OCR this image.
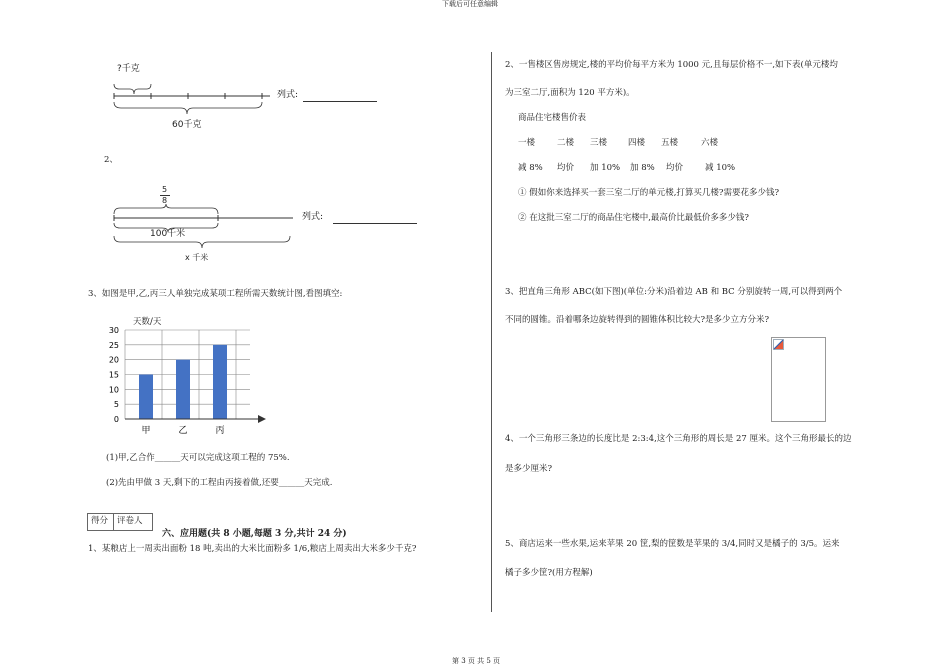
下载后可任意编辑
第 3 页 共 5 页
?千克
60千克
列式:
2、
5
8
100千米
x 千米
列式:
3、如图是甲,乙,丙三人单独完成某项工程所需天数统计图,看图填空:
天数/天
0
5
10
15
20
25
30
甲	乙	丙
(1)甲,乙合作______天可以完成这项工程的 75%.
(2)先由甲做 3 天,剩下的工程由丙接着做,还要______天完成.
得分 评卷人
六、应用题(共 8 小题,每题 3 分,共计 24 分)
1、某粮店上一周卖出面粉 18 吨,卖出的大米比面粉多 1/6,粮店上周卖出大米多少千克?
2、一售楼区售房规定,楼的平均价每平方米为 1000 元,且每层价格不一,如下表(单元楼均
为三室二厅,面积为 120 平方米)。
商品住宅楼售价表
一楼	二楼 三楼 四楼 五楼	六楼
减 8% 均价 加 10% 加 8% 均价	减 10%
① 假如你来选择买一套三室二厅的单元楼,打算买几楼?需要花多少钱?
② 在这批三室二厅的商品住宅楼中,最高价比最低价多多少钱?
3、把直角三角形 ABC(如下图)(单位:分米)沿着边 AB 和 BC 分别旋转一周,可以得到两个
不同的圆锥。沿着哪条边旋转得到的圆锥体积比较大?是多少立方分米?
4、一个三角形三条边的长度比是 2:3:4,这个三角形的周长是 27 厘米。这个三角形最长的边
是多少厘米?
5、商店运来一些水果,运来苹果 20 筐,梨的筐数是苹果的 3/4,同时又是橘子的 3/5。运来
橘子多少筐?(用方程解)
